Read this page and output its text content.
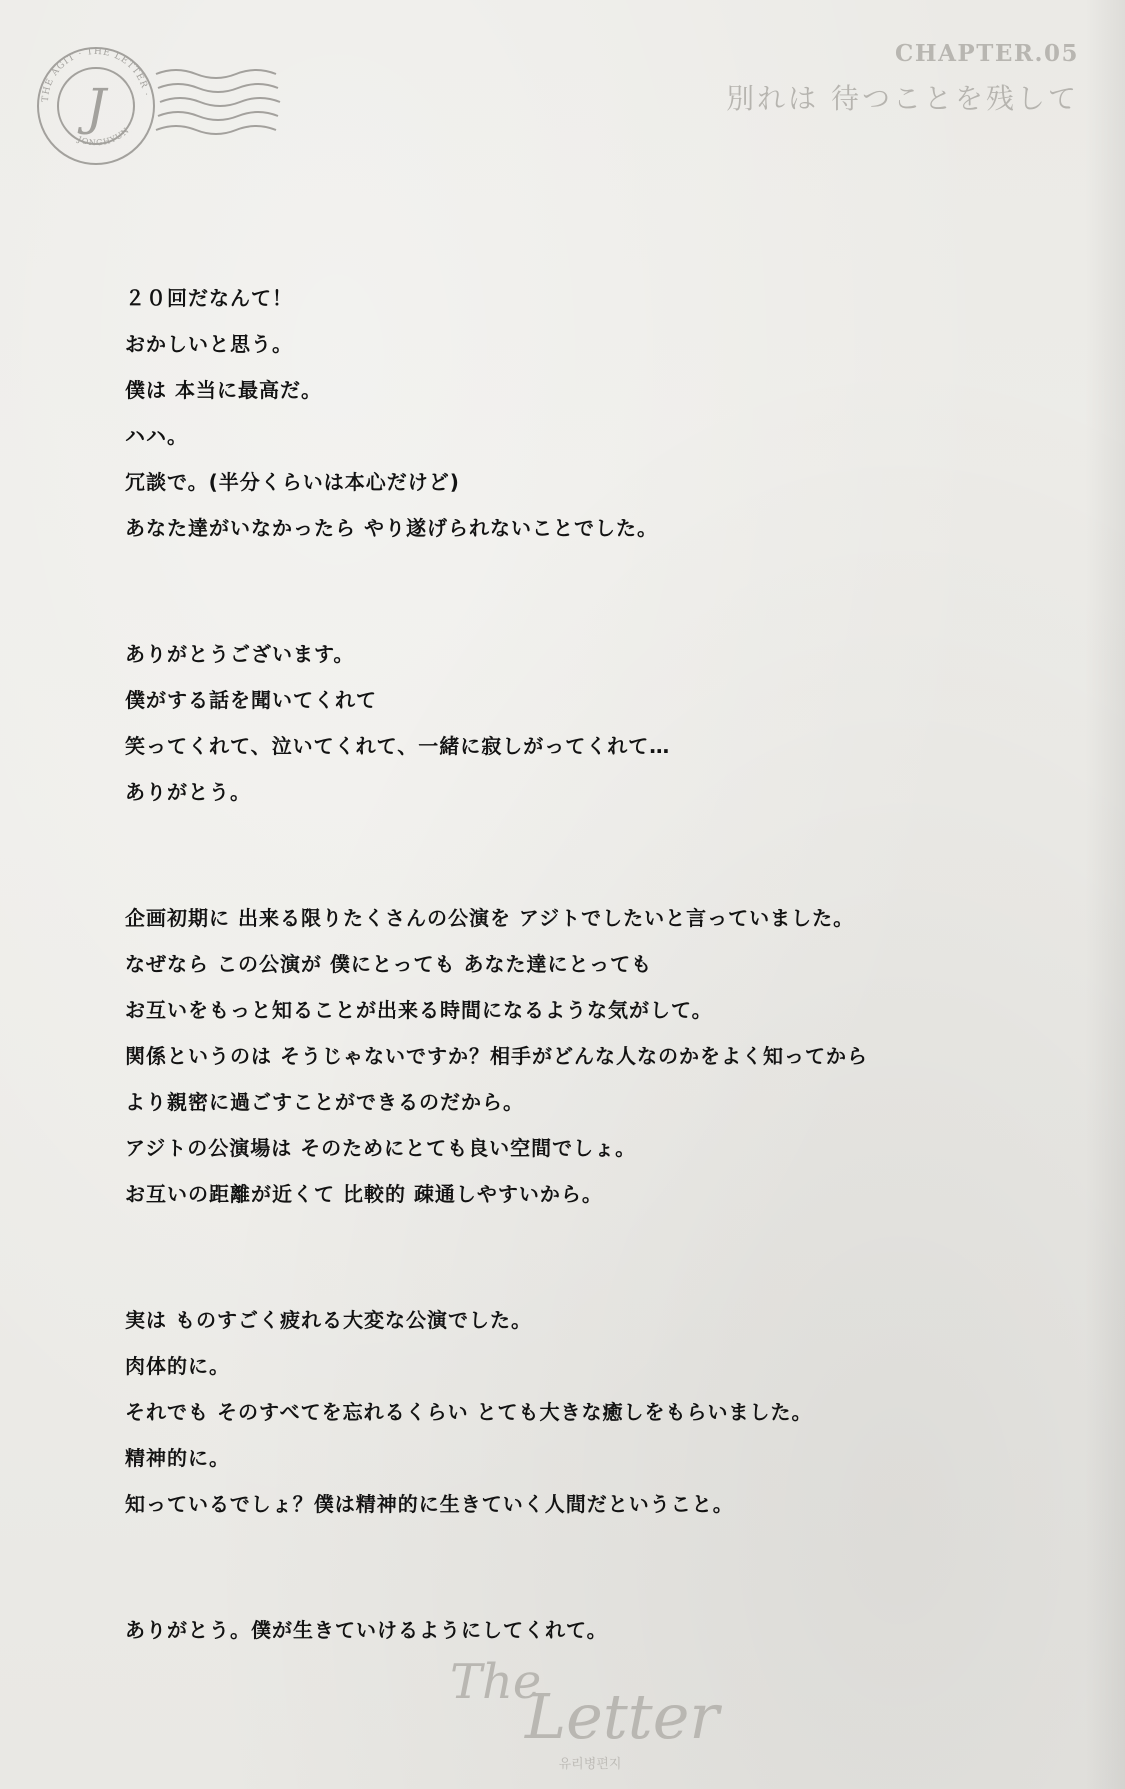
THE AGIT · THE LETTER ·
JONGHYUN
J
CHAPTER.05
別れは 待つことを残して
２０回だなんて！
おかしいと思う。
僕は 本当に最高だ。
ハハ。
冗談で。(半分くらいは本心だけど)
あなた達がいなかったら やり遂げられないことでした。
ありがとうございます。
僕がする話を聞いてくれて
笑ってくれて、泣いてくれて、一緒に寂しがってくれて…
ありがとう。
企画初期に 出来る限りたくさんの公演を アジトでしたいと言っていました。
なぜなら この公演が 僕にとっても あなた達にとっても
お互いをもっと知ることが出来る時間になるような気がして。
関係というのは そうじゃないですか？相手がどんな人なのかをよく知ってから
より親密に過ごすことができるのだから。
アジトの公演場は そのためにとても良い空間でしょ。
お互いの距離が近くて 比較的 疎通しやすいから。
実は ものすごく疲れる大変な公演でした。
肉体的に。
それでも そのすべてを忘れるくらい とても大きな癒しをもらいました。
精神的に。
知っているでしょ？僕は精神的に生きていく人間だということ。
ありがとう。僕が生きていけるようにしてくれて。
The
Letter
유리병편지
